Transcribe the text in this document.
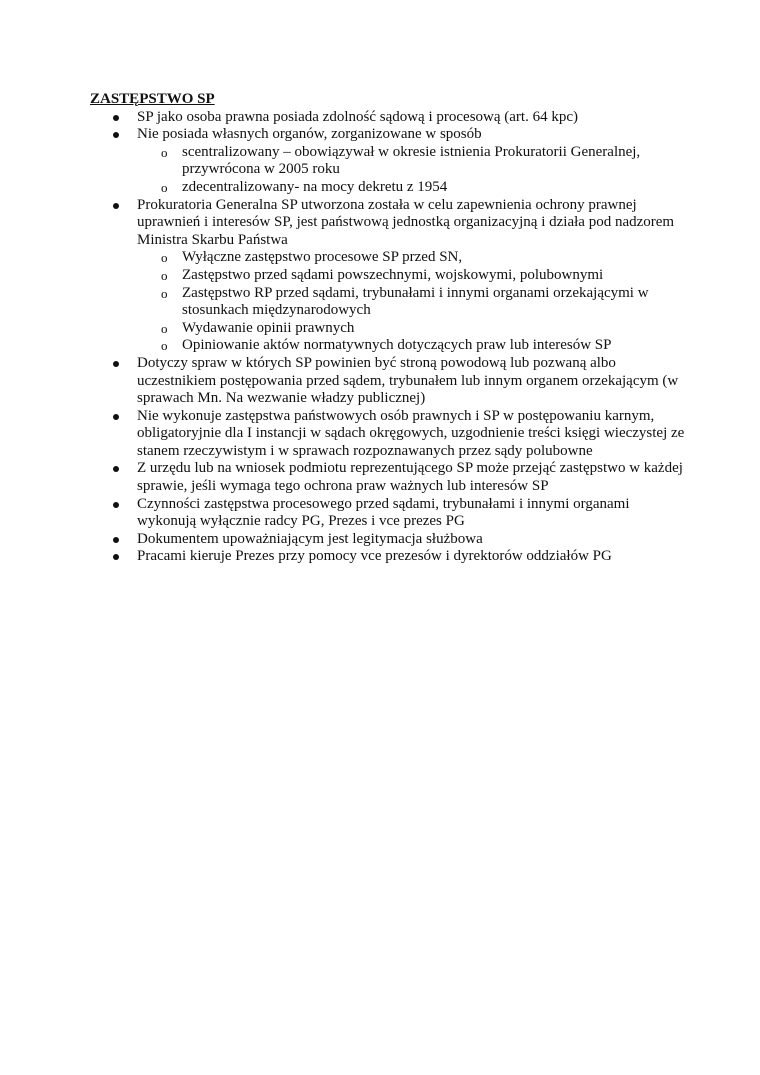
ZASTĘPSTWO SP

SP jako osoba prawna posiada zdolność sądową i procesową (art. 64 kpc)
Nie posiada własnych organów, zorganizowane w sposób
o scentralizowany – obowiązywał w okresie istnienia Prokuratorii Generalnej, przywrócona w 2005 roku
o zdecentralizowany- na mocy dekretu z 1954
Prokuratoria Generalna SP utworzona została w celu zapewnienia ochrony prawnej uprawnień i interesów SP, jest państwową jednostką organizacyjną i działa pod nadzorem Ministra Skarbu Państwa
o Wyłączne zastępstwo procesowe SP przed SN,
o Zastępstwo przed sądami powszechnymi, wojskowymi, polubownymi
o Zastępstwo RP przed sądami, trybunałami i innymi organami orzekającymi w stosunkach międzynarodowych
o Wydawanie opinii prawnych
o Opiniowanie aktów normatywnych dotyczących praw lub interesów SP
Dotyczy spraw w których SP powinien być stroną powodową lub pozwaną albo uczestnikiem postępowania przed sądem, trybunałem lub innym organem orzekającym (w sprawach Mn. Na wezwanie władzy publicznej)
Nie wykonuje zastępstwa państwowych osób prawnych i SP w postępowaniu karnym, obligatoryjnie dla I instancji w sądach okręgowych, uzgodnienie treści księgi wieczystej ze stanem rzeczywistym i w sprawach rozpoznawanych przez sądy polubowne
Z urzędu lub na wniosek podmiotu reprezentującego SP może przejąć zastępstwo w każdej sprawie, jeśli wymaga tego ochrona praw ważnych lub interesów SP
Czynności zastępstwa procesowego przed sądami, trybunałami i innymi organami wykonują wyłącznie radcy PG, Prezes i vce prezes PG
Dokumentem upoważniającym jest legitymacja służbowa
Pracami kieruje Prezes przy pomocy vce prezesów i dyrektorów oddziałów PG
